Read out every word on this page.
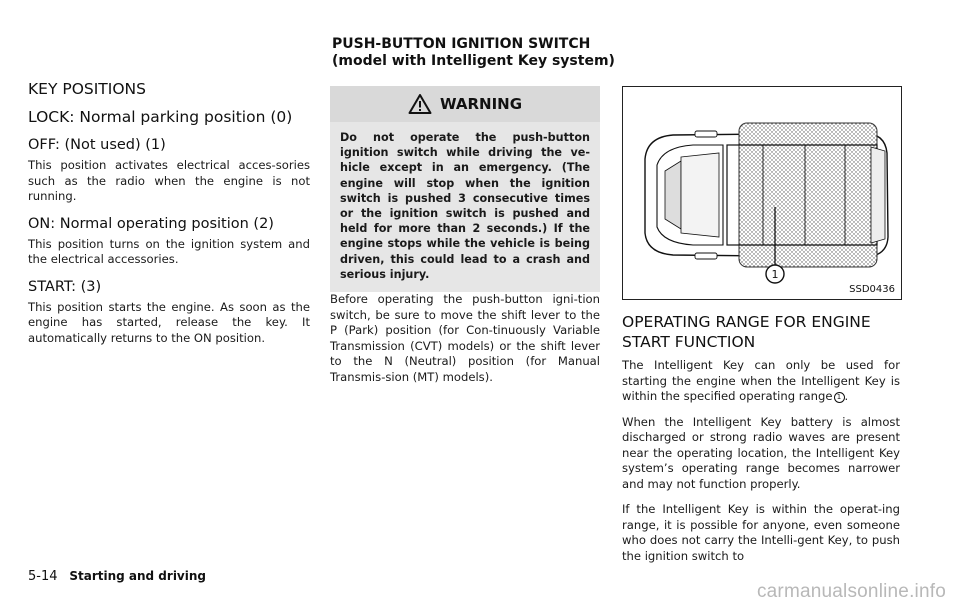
PUSH-BUTTON IGNITION SWITCH
(model with Intelligent Key system)
KEY POSITIONS
LOCK: Normal parking position (0)
OFF: (Not used) (1)

This position activates electrical acces-sories such as the radio when the engine is not running.

ON: Normal operating position (2)

This position turns on the ignition system and the electrical accessories.

START: (3)

This position starts the engine. As soon as the engine has started, release the key. It automatically returns to the ON position.

WARNING

Do not operate the push-button ignition switch while driving the ve-hicle except in an emergency. (The engine will stop when the ignition switch is pushed 3 consecutive times or the ignition switch is pushed and held for more than 2 seconds.) If the engine stops while the vehicle is being driven, this could lead to a crash and serious injury.

Before operating the push-button igni-tion switch, be sure to move the shift lever to the P (Park) position (for Con-tinuously Variable Transmission (CVT) models) or the shift lever to the N (Neutral) position (for Manual Transmis-sion (MT) models).

1
SSD0436
OPERATING RANGE FOR ENGINE START FUNCTION

The Intelligent Key can only be used for starting the engine when the Intelligent Key is within the specified operating range 1 .

When the Intelligent Key battery is almost discharged or strong radio waves are present near the operating location, the Intelligent Key system’s operating range becomes narrower and may not function properly.

If the Intelligent Key is within the operat-ing range, it is possible for anyone, even someone who does not carry the Intelli-gent Key, to push the ignition switch to

5-14 Starting and driving
carmanualsonline.info
